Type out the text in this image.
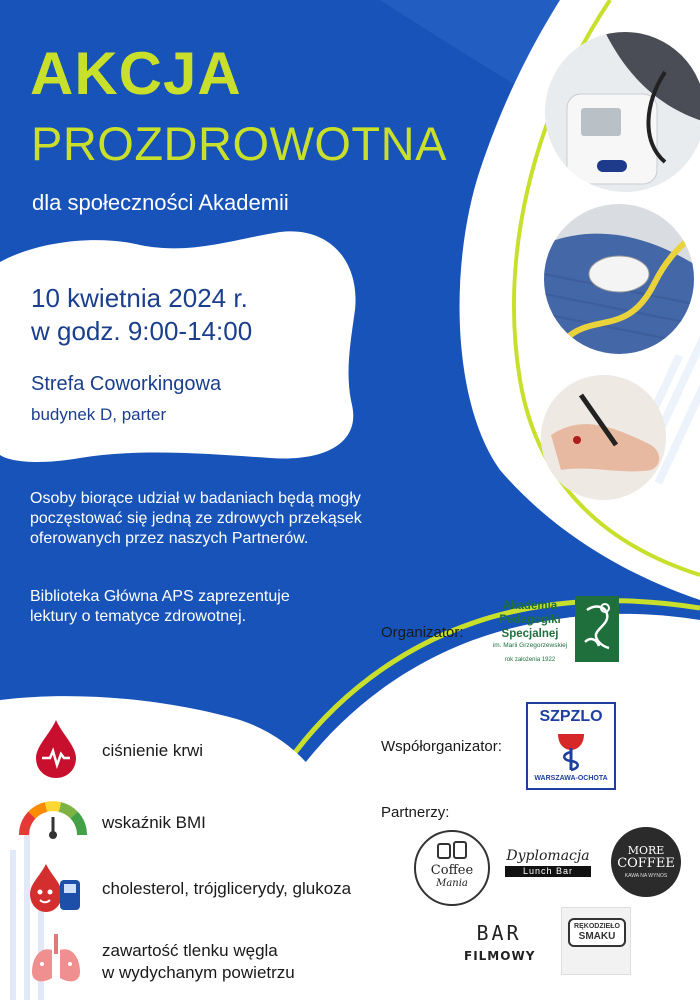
AKCJA
PROZDROWOTNA
dla społeczności Akademii
10 kwietnia 2024 r.
w godz. 9:00-14:00
Strefa Coworkingowa
budynek D, parter
Osoby biorące udział w badaniach będą mogły
poczęstować się jedną ze zdrowych przekąsek
oferowanych przez naszych Partnerów.
Biblioteka Główna APS zaprezentuje
lektury o tematyce zdrowotnej.
Organizator:
Akademia
Pedagogiki
Specjalnej
im. Marii Grzegorzewskiej
rok założenia 1922
Współorganizator:
SZPZLO
WARSZAWA-OCHOTA
Partnerzy:
Coffee
Mania
Dyplomacja
Lunch Bar
MORE
COFFEE
KAWA NA WYNOS
BAR
FILMOWY
RĘKODZIEŁO
SMAKU
ciśnienie krwi
wskaźnik BMI
cholesterol, trójglicerydy, glukoza
zawartość tlenku węgla
w wydychanym powietrzu
